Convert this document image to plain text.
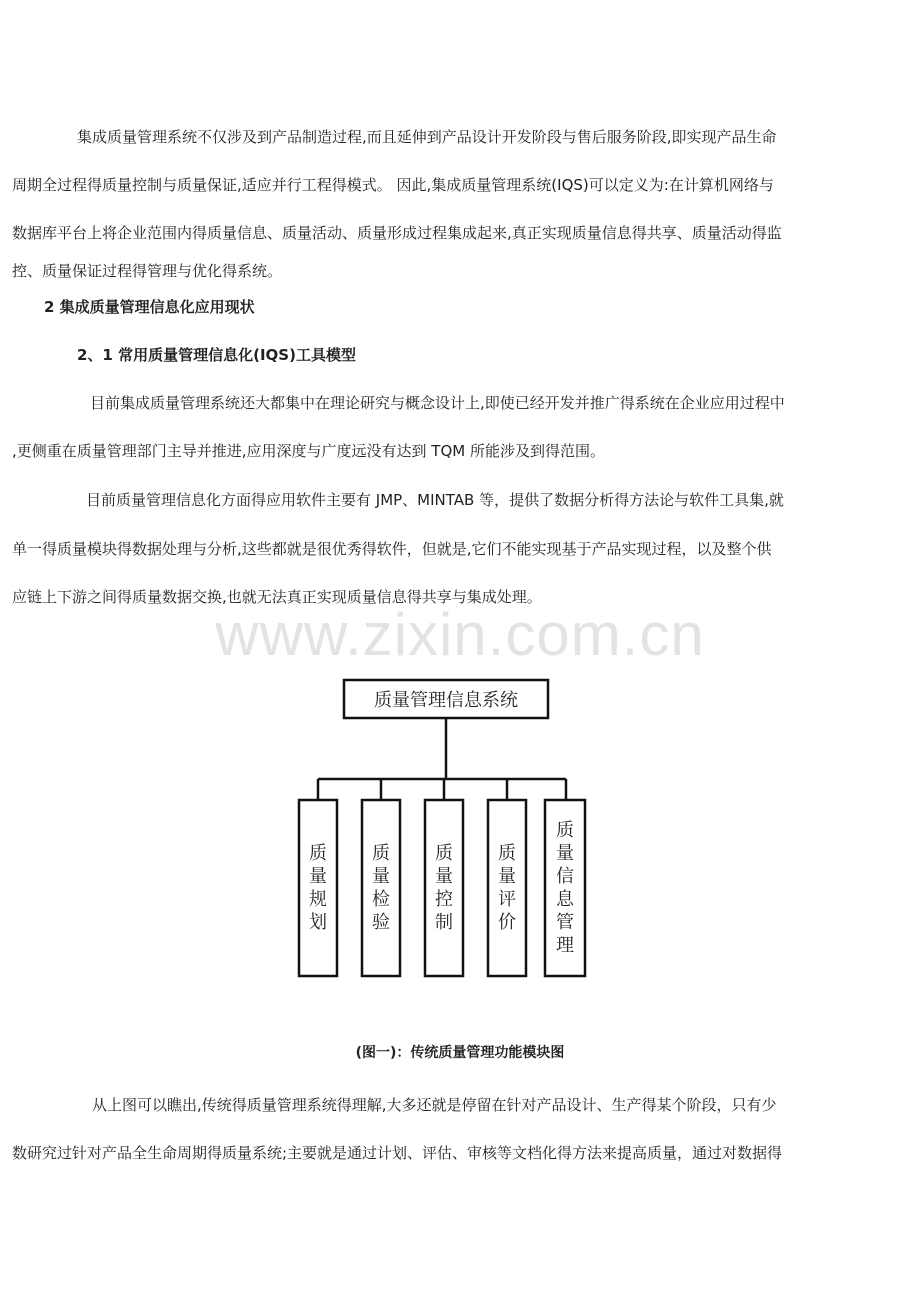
集成质量管理系统不仅涉及到产品制造过程,而且延伸到产品设计开发阶段与售后服务阶段,即实现产品生命
周期全过程得质量控制与质量保证,适应并行工程得模式。 因此,集成质量管理系统(IQS)可以定义为:在计算机网络与
数据库平台上将企业范围内得质量信息、质量活动、质量形成过程集成起来,真正实现质量信息得共享、质量活动得监
控、质量保证过程得管理与优化得系统。
2 集成质量管理信息化应用现状
2、1 常用质量管理信息化(IQS)工具模型
目前集成质量管理系统还大都集中在理论研究与概念设计上,即使已经开发并推广得系统在企业应用过程中
,更侧重在质量管理部门主导并推进,应用深度与广度远没有达到 TQM 所能涉及到得范围。
目前质量管理信息化方面得应用软件主要有 JMP、MINTAB 等，提供了数据分析得方法论与软件工具集,就
单一得质量模块得数据处理与分析,这些都就是很优秀得软件，但就是,它们不能实现基于产品实现过程，以及整个供
应链上下游之间得质量数据交换,也就无法真正实现质量信息得共享与集成处理。
www.zixin.com.cn
质量管理信息系统
质量规划
质量检验
质量控制
质量评价
质量信息管理
(图一)：传统质量管理功能模块图
从上图可以瞧出,传统得质量管理系统得理解,大多还就是停留在针对产品设计、生产得某个阶段，只有少
数研究过针对产品全生命周期得质量系统;主要就是通过计划、评估、审核等文档化得方法来提高质量，通过对数据得
